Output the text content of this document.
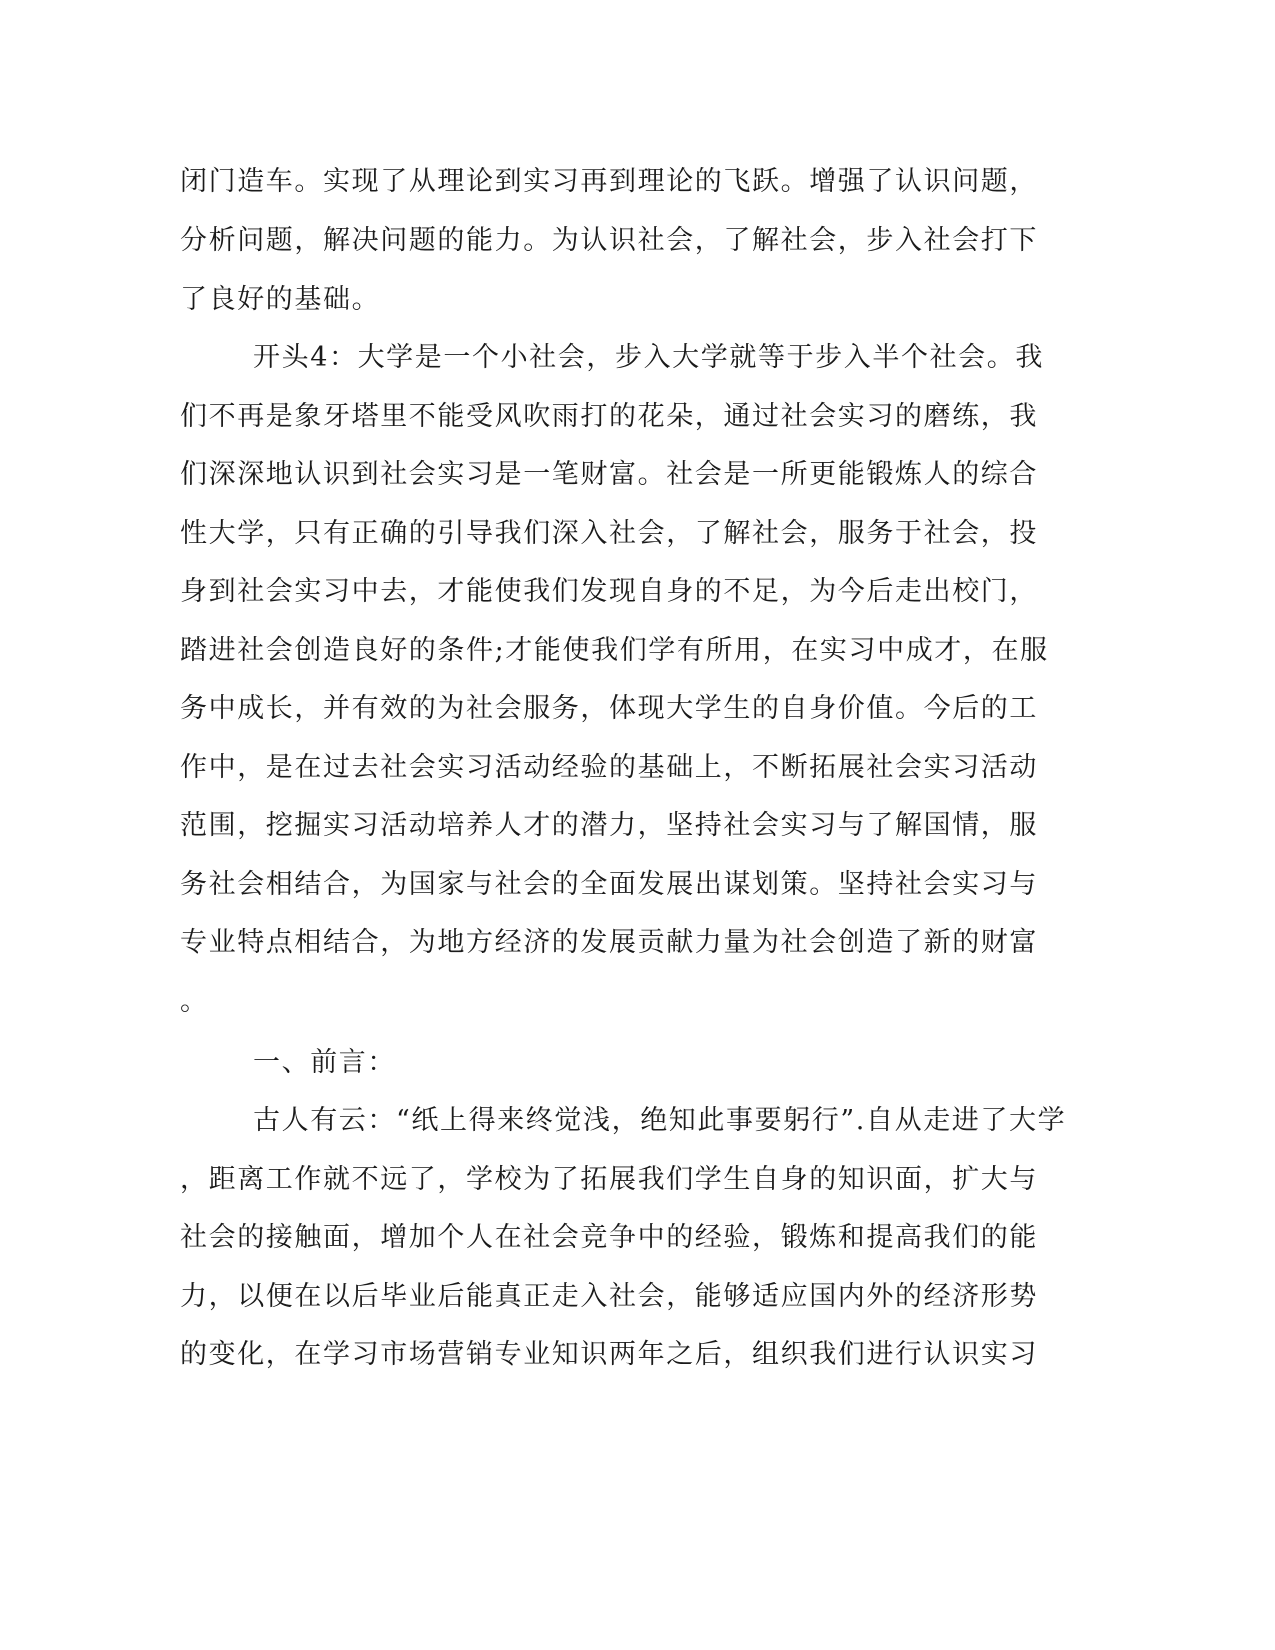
闭门造车。实现了从理论到实习再到理论的飞跃。增强了认识问题，
分析问题，解决问题的能力。为认识社会，了解社会，步入社会打下
了良好的基础。
开头4：大学是一个小社会，步入大学就等于步入半个社会。我
们不再是象牙塔里不能受风吹雨打的花朵，通过社会实习的磨练，我
们深深地认识到社会实习是一笔财富。社会是一所更能锻炼人的综合
性大学，只有正确的引导我们深入社会，了解社会，服务于社会，投
身到社会实习中去，才能使我们发现自身的不足，为今后走出校门，
踏进社会创造良好的条件;才能使我们学有所用，在实习中成才，在服
务中成长，并有效的为社会服务，体现大学生的自身价值。今后的工
作中，是在过去社会实习活动经验的基础上，不断拓展社会实习活动
范围，挖掘实习活动培养人才的潜力，坚持社会实习与了解国情，服
务社会相结合，为国家与社会的全面发展出谋划策。坚持社会实习与
专业特点相结合，为地方经济的发展贡献力量为社会创造了新的财富
。
一、前言：
古人有云：“纸上得来终觉浅，绝知此事要躬行”.自从走进了大学
，距离工作就不远了，学校为了拓展我们学生自身的知识面，扩大与
社会的接触面，增加个人在社会竞争中的经验，锻炼和提高我们的能
力，以便在以后毕业后能真正走入社会，能够适应国内外的经济形势
的变化，在学习市场营销专业知识两年之后，组织我们进行认识实习
